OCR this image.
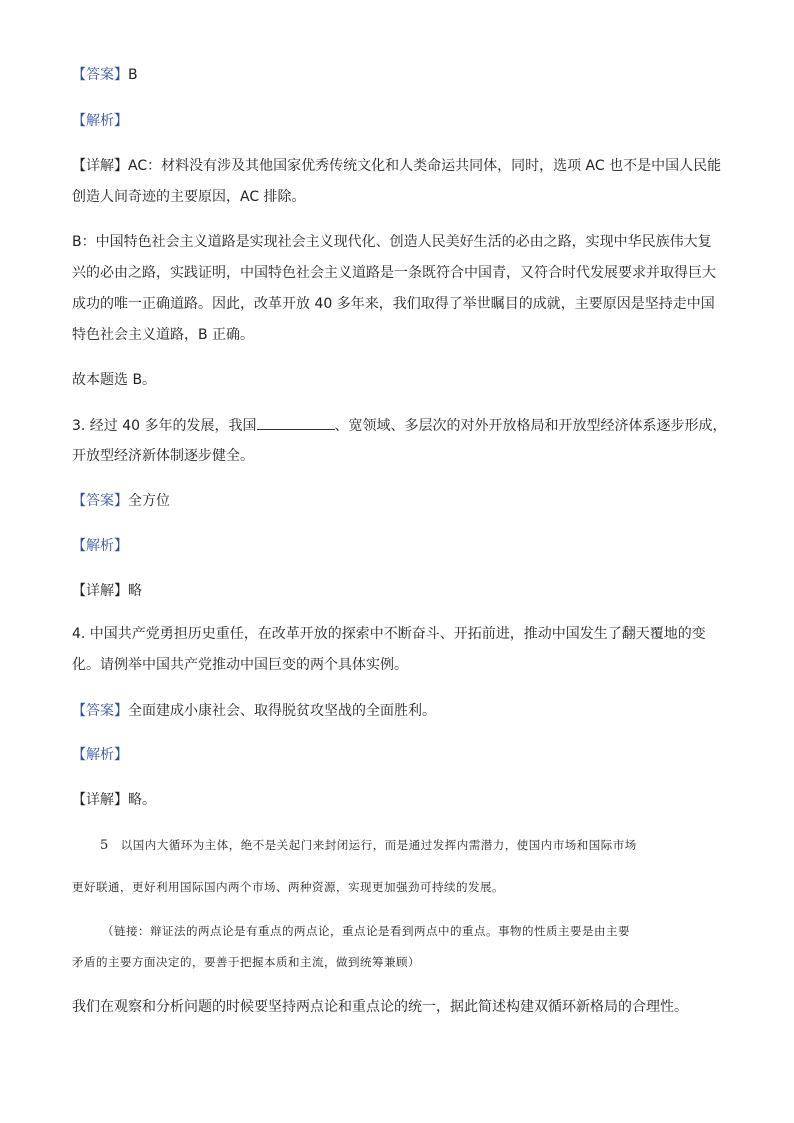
【答案】B
【解析】
【详解】AC：材料没有涉及其他国家优秀传统文化和人类命运共同体，同时，选项 AC 也不是中国人民能
创造人间奇迹的主要原因，AC 排除。
B：中国特色社会主义道路是实现社会主义现代化、创造人民美好生活的必由之路，实现中华民族伟大复
兴的必由之路，实践证明，中国特色社会主义道路是一条既符合中国青，又符合时代发展要求并取得巨大
成功的唯一正确道路。因此，改革开放 40 多年来，我们取得了举世瞩目的成就，主要原因是坚持走中国
特色社会主义道路，B 正确。
故本题选 B。
3. 经过 40 多年的发展，我国	、宽领域、多层次的对外开放格局和开放型经济体系逐步形成，
开放型经济新体制逐步健全。
【答案】全方位
【解析】
【详解】略
4. 中国共产党勇担历史重任，在改革开放的探索中不断奋斗、开拓前进，推动中国发生了翻天覆地的变
化。请例举中国共产党推动中国巨变的两个具体实例。
【答案】全面建成小康社会、取得脱贫攻坚战的全面胜利。
【解析】
【详解】略。
5 以国内大循环为主体，绝不是关起门来封闭运行，而是通过发挥内需潜力，使国内市场和国际市场
更好联通，更好利用国际国内两个市场、两种资源，实现更加强劲可持续的发展。
（链接：辩证法的两点论是有重点的两点论，重点论是看到两点中的重点。事物的性质主要是由主要
矛盾的主要方面决定的，要善于把握本质和主流，做到统筹兼顾）
我们在观察和分析问题的时候要坚持两点论和重点论的统一，据此简述构建双循环新格局的合理性。
